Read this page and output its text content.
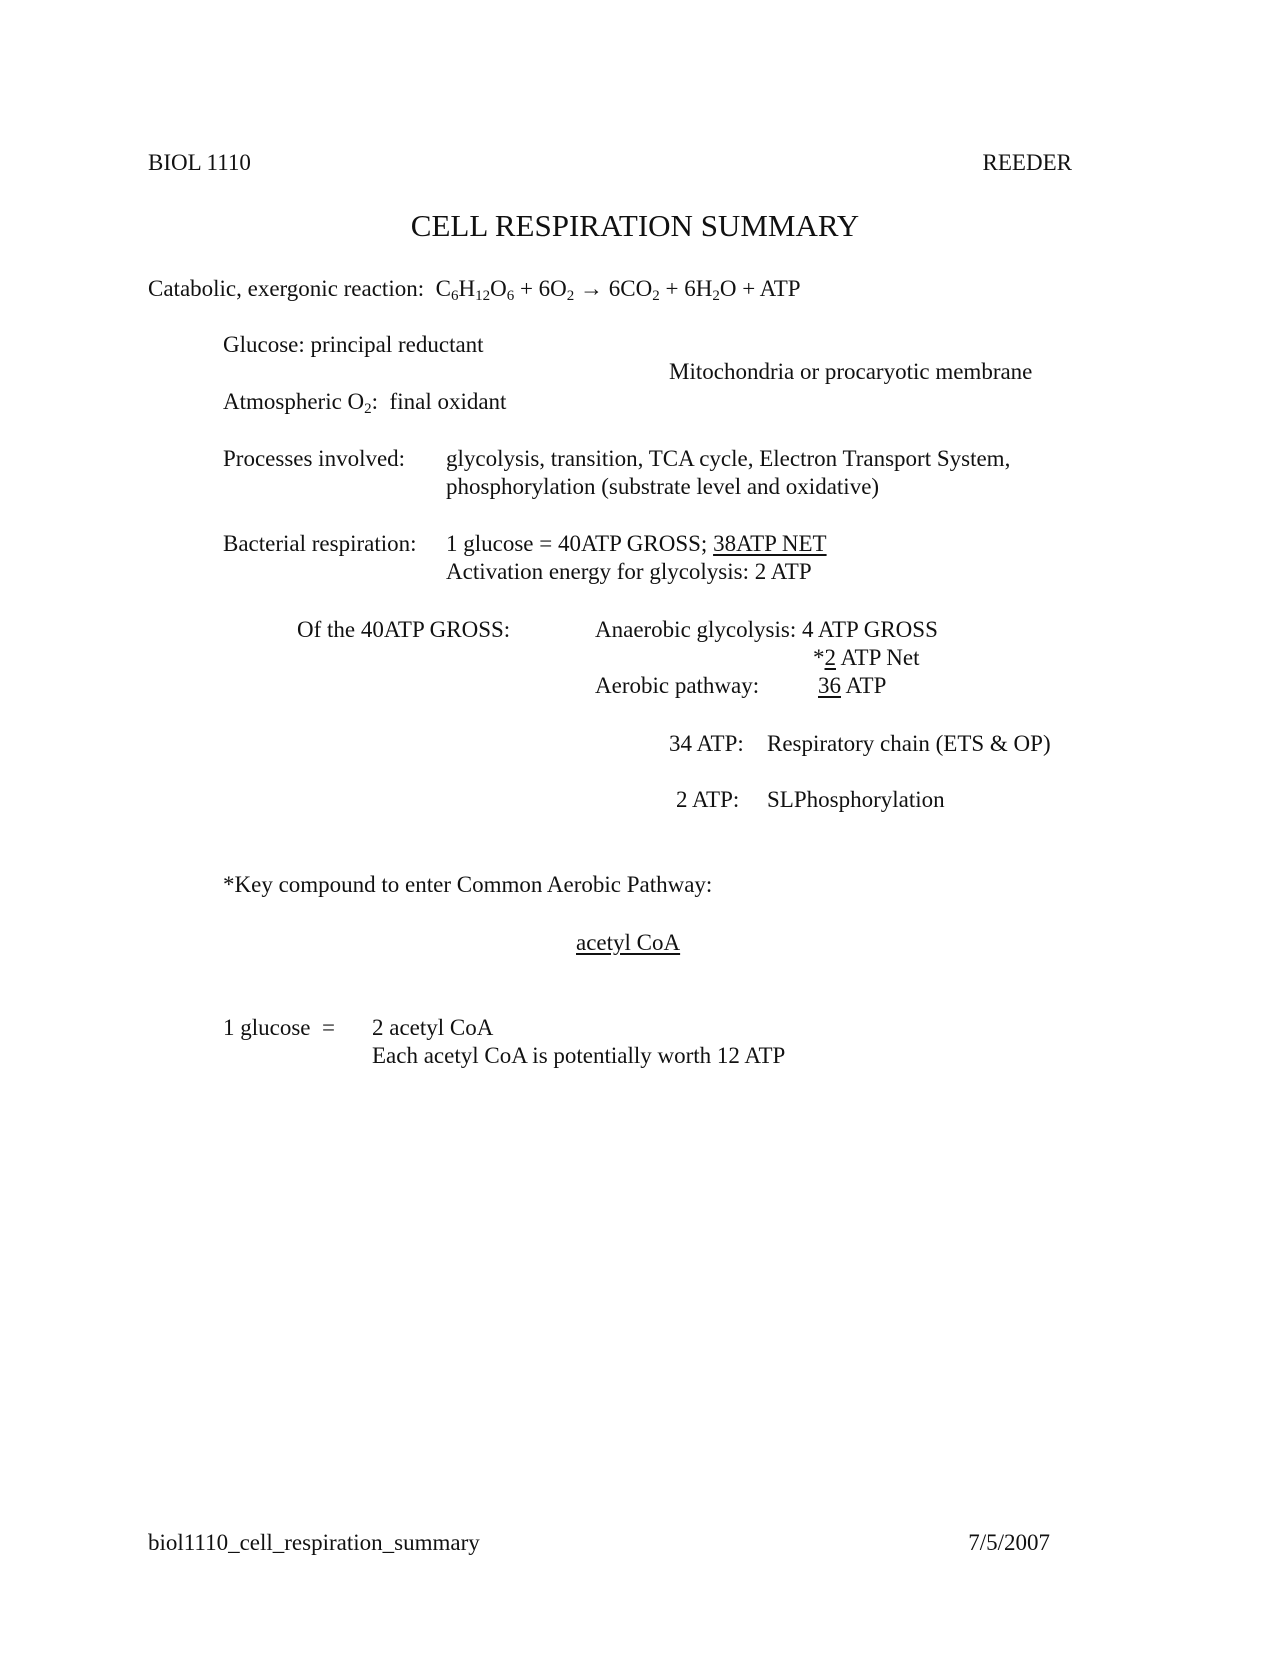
BIOL 1110	REEDER
CELL RESPIRATION SUMMARY
Catabolic, exergonic reaction: $C_6H_{12}O_6 + 6O_2 \to 6CO_2 + 6H_2O$ + ATP
Glucose: principal reductant
Mitochondria or procaryotic membrane
Atmospheric $O_2$:  final oxidant
Processes involved: glycolysis, transition, TCA cycle, Electron Transport System,
phosphorylation (substrate level and oxidative)
Bacterial respiration: 1 glucose = 40ATP GROSS; 38ATP NET
Activation energy for glycolysis: 2 ATP
Of the 40ATP GROSS:	Anaerobic glycolysis: 4 ATP GROSS
*2 ATP Net
Aerobic pathway:	36 ATP
34 ATP: Respiratory chain (ETS & OP)
2 ATP: SLPhosphorylation
*Key compound to enter Common Aerobic Pathway:
acetyl CoA
1 glucose  = 2 acetyl CoA
Each acetyl CoA is potentially worth 12 ATP
biol1110_cell_respiration_summary	7/5/2007
